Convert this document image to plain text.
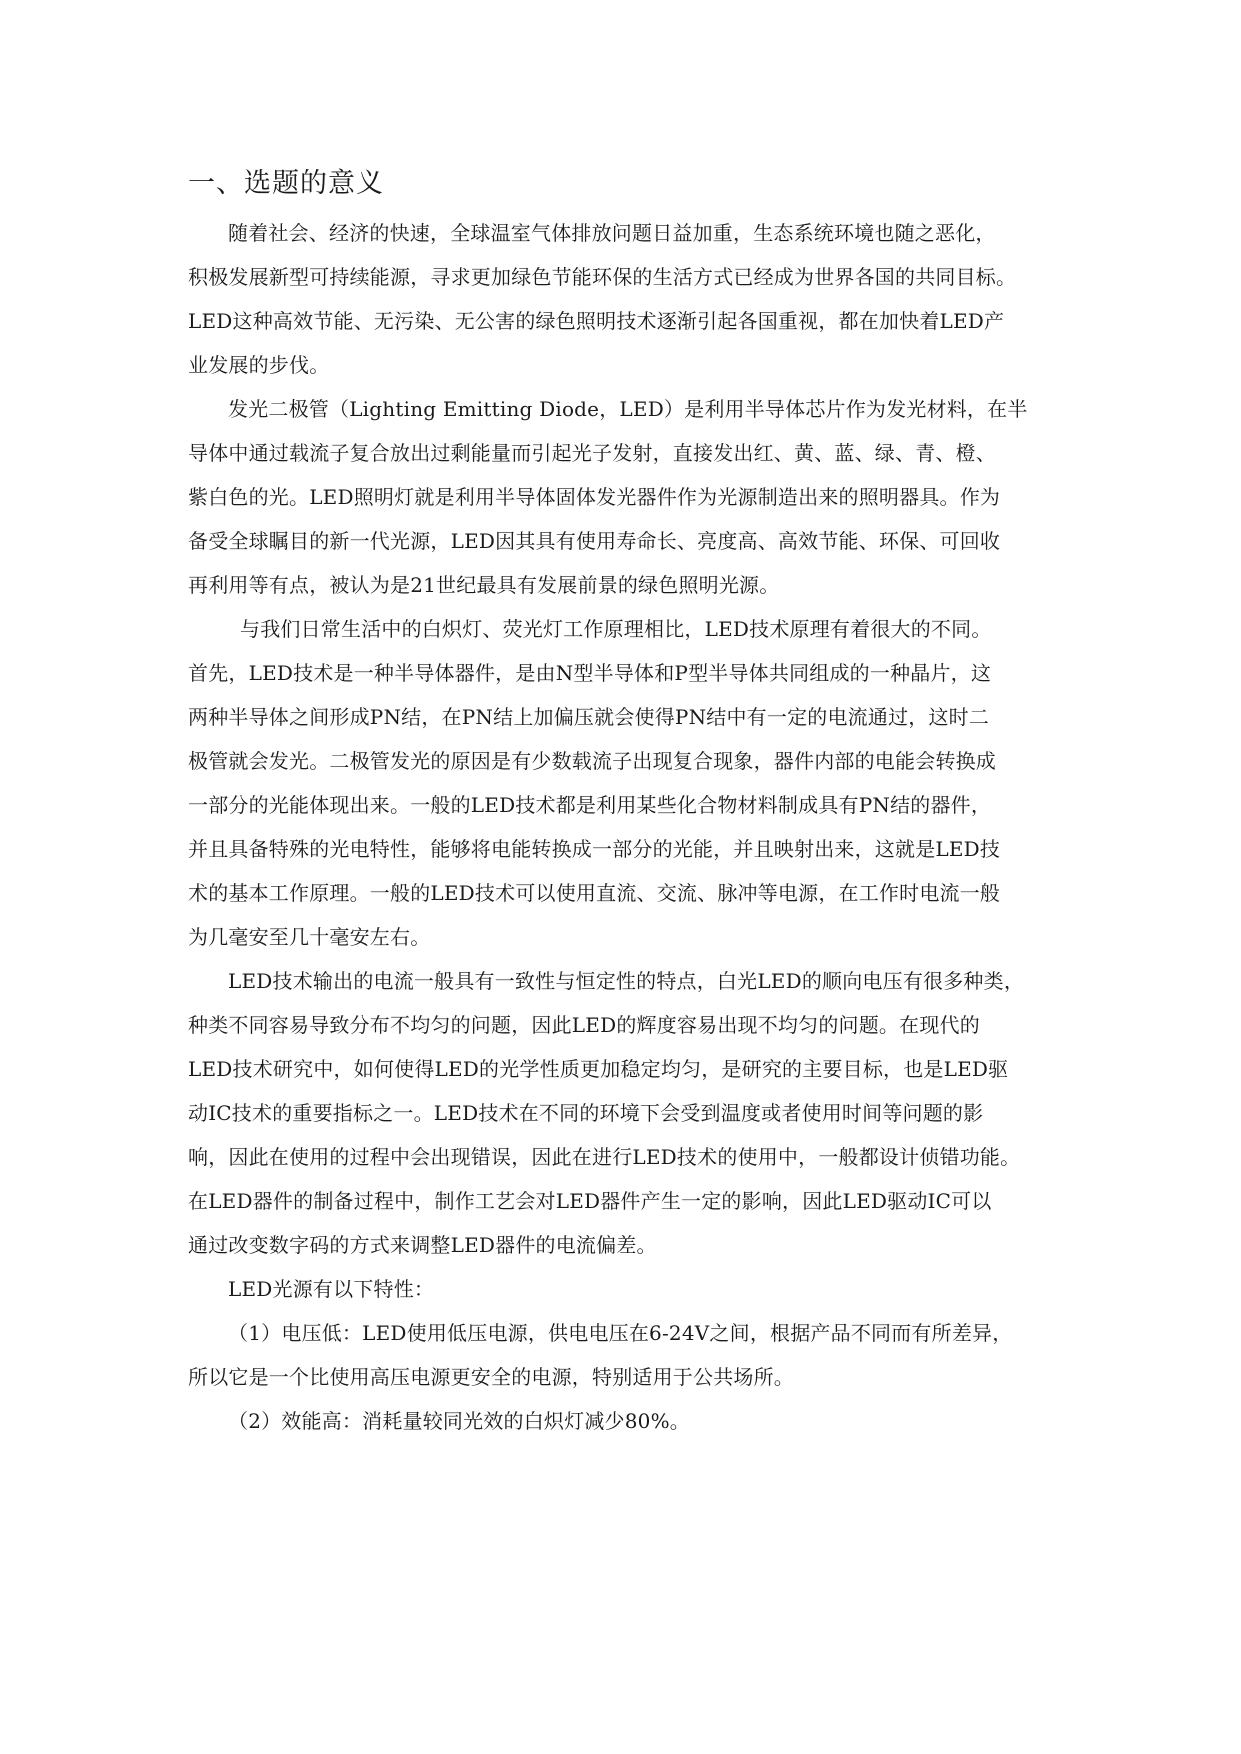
一、选题的意义

随着社会、经济的快速，全球温室气体排放问题日益加重，生态系统环境也随之恶化，

积极发展新型可持续能源，寻求更加绿色节能环保的生活方式已经成为世界各国的共同目标。

LED这种高效节能、无污染、无公害的绿色照明技术逐渐引起各国重视，都在加快着LED产

业发展的步伐。

发光二极管（Lighting Emitting Diode，LED）是利用半导体芯片作为发光材料，在半

导体中通过载流子复合放出过剩能量而引起光子发射，直接发出红、黄、蓝、绿、青、橙、

紫白色的光。LED照明灯就是利用半导体固体发光器件作为光源制造出来的照明器具。作为

备受全球瞩目的新一代光源，LED因其具有使用寿命长、亮度高、高效节能、环保、可回收

再利用等有点，被认为是21世纪最具有发展前景的绿色照明光源。

与我们日常生活中的白炽灯、荧光灯工作原理相比，LED技术原理有着很大的不同。

首先，LED技术是一种半导体器件，是由N型半导体和P型半导体共同组成的一种晶片，这

两种半导体之间形成PN结，在PN结上加偏压就会使得PN结中有一定的电流通过，这时二

极管就会发光。二极管发光的原因是有少数载流子出现复合现象，器件内部的电能会转换成

一部分的光能体现出来。一般的LED技术都是利用某些化合物材料制成具有PN结的器件，

并且具备特殊的光电特性，能够将电能转换成一部分的光能，并且映射出来，这就是LED技

术的基本工作原理。一般的LED技术可以使用直流、交流、脉冲等电源，在工作时电流一般

为几毫安至几十毫安左右。

LED技术输出的电流一般具有一致性与恒定性的特点，白光LED的顺向电压有很多种类，

种类不同容易导致分布不均匀的问题，因此LED的辉度容易出现不均匀的问题。在现代的

LED技术研究中，如何使得LED的光学性质更加稳定均匀，是研究的主要目标，也是LED驱

动IC技术的重要指标之一。LED技术在不同的环境下会受到温度或者使用时间等问题的影

响，因此在使用的过程中会出现错误，因此在进行LED技术的使用中，一般都设计侦错功能。

在LED器件的制备过程中，制作工艺会对LED器件产生一定的影响，因此LED驱动IC可以

通过改变数字码的方式来调整LED器件的电流偏差。

LED光源有以下特性：

（1）电压低：LED使用低压电源，供电电压在6-24V之间，根据产品不同而有所差异，

所以它是一个比使用高压电源更安全的电源，特别适用于公共场所。

（2）效能高：消耗量较同光效的白炽灯减少80%。
